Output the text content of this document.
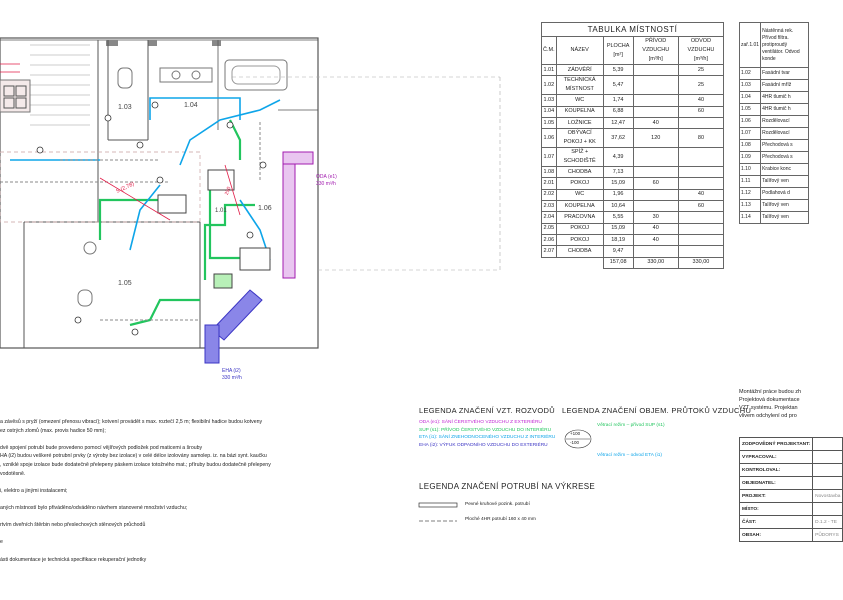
1.03	1.04
1.05
1.06
1.01
5 (2,78)	250
ODA (e1)
330 m³/h
EHA (i2)
330 m³/h
TABULKA MÍSTNOSTÍ				
Č.M.	NÁZEV	PLOCHA [m²]	PŘÍVOD VZDUCHU [m³/h]	ODVOD VZDUCHU [m³/h]
1.01	ZÁDVĚŘÍ	5,39		25
1.02	TECHNICKÁ MÍSTNOST	5,47		25
1.03	WC	1,74		40
1.04	KOUPELNA	6,88		60
1.05	LOŽNICE	12,47	40	
1.06	OBÝVACÍ POKOJ + KK	37,62	120	80
1.07	SPÍŽ + SCHODIŠTĚ	4,39		
1.08	CHODBA	7,13		
2.01	POKOJ	15,09	60	
2.02	WC	1,96		40
2.03	KOUPELNA	10,64		60
2.04	PRACOVNA	5,55	30	
2.05	POKOJ	15,09	40	
2.06	POKOJ	18,19	40	
2.07	CHODBA	9,47		
		157,08	330,00	330,00
zař.1.01	Nástěnná rek. Přívod filtra. protiproudý ventilátor. Odvod konde
1.02	Fasádní tvar
1.03	Fasádní mříž
1.04	4HR tlumič h
1.05	4HR tlumič h
1.06	Rozdělovací
1.07	Rozdělovací
1.08	Přechodová s
1.09	Přechodová s
1.10	Krabice konc
1.11	Talířový ven
1.12	Podlahová d
1.13	Talířový ven
1.14	Talířový ven
a závěsů s pryží (omezení přenosu vibrací); kotvení provádět s max. roztečí 2,5 m; flexibilní hadice budou kotveny
ez ostrých zlomů (max. provis hadice 50 mm);
dvě spojení potrubí bude provedeno pomocí vějířových podložek pod maticemi a šrouby
HA (i2) budou veškeré potrubní prvky (z výroby bez izolace) v celé délce izolovány samolep. iz. na bázi synt. kaučku
, vzniklé spoje izolace bude dodatečně přelepeny páskem izolace totožného mat.; příruby budou dodatečně přelepeny
vodotěsně.
i, elektro a jinými instalacemi;
aných místností bylo přiváděno/odváděno návrhem stanovené množství vzduchu;
rtvím dveřních štěrbin nebo přeslechových stěnových průchodů
e
ásti dokumentace je technická specifikace rekuperační jednotky
LEGENDA ZNAČENÍ VZT. ROZVODŮ
ODA (e1): SÁNÍ ČERSTVÉHO VZDUCHU Z EXTERIÉRU
SUP (s1): PŘÍVOD ČERSTVÉHO VZDUCHU DO INTERIÉRU
ETA (i1): SÁNÍ ZNEHODNOCENÉHO VZDUCHU Z INTERIÉRU
EHA (i2): VÝFUK ODPADNÍHO VZDUCHU DO EXTERIÉRU
LEGENDA ZNAČENÍ OBJEM. PRŮTOKŮ VZDUCHU
+100
-100
Větrací režim – přívod SUP (s1)
Větrací režim – odvod ETA (i1)
LEGENDA ZNAČENÍ POTRUBÍ NA VÝKRESE
Pevné kruhové pozink. potrubí
Ploché 4HR potrubí 160 x 40 mm
Montážní práce budou zh
Projektová dokumentace
VZT systému. Projektan
vlivem odchylení od pro
ZODPOVĚDNÝ PROJEKTANT:	
VYPRACOVAL:	
KONTROLOVAL:	
OBJEDNATEL:	
PROJEKT:	Novostavba
MÍSTO:	
ČÁST:	D.1.2 - TE
OBSAH:	PŮDORYS
